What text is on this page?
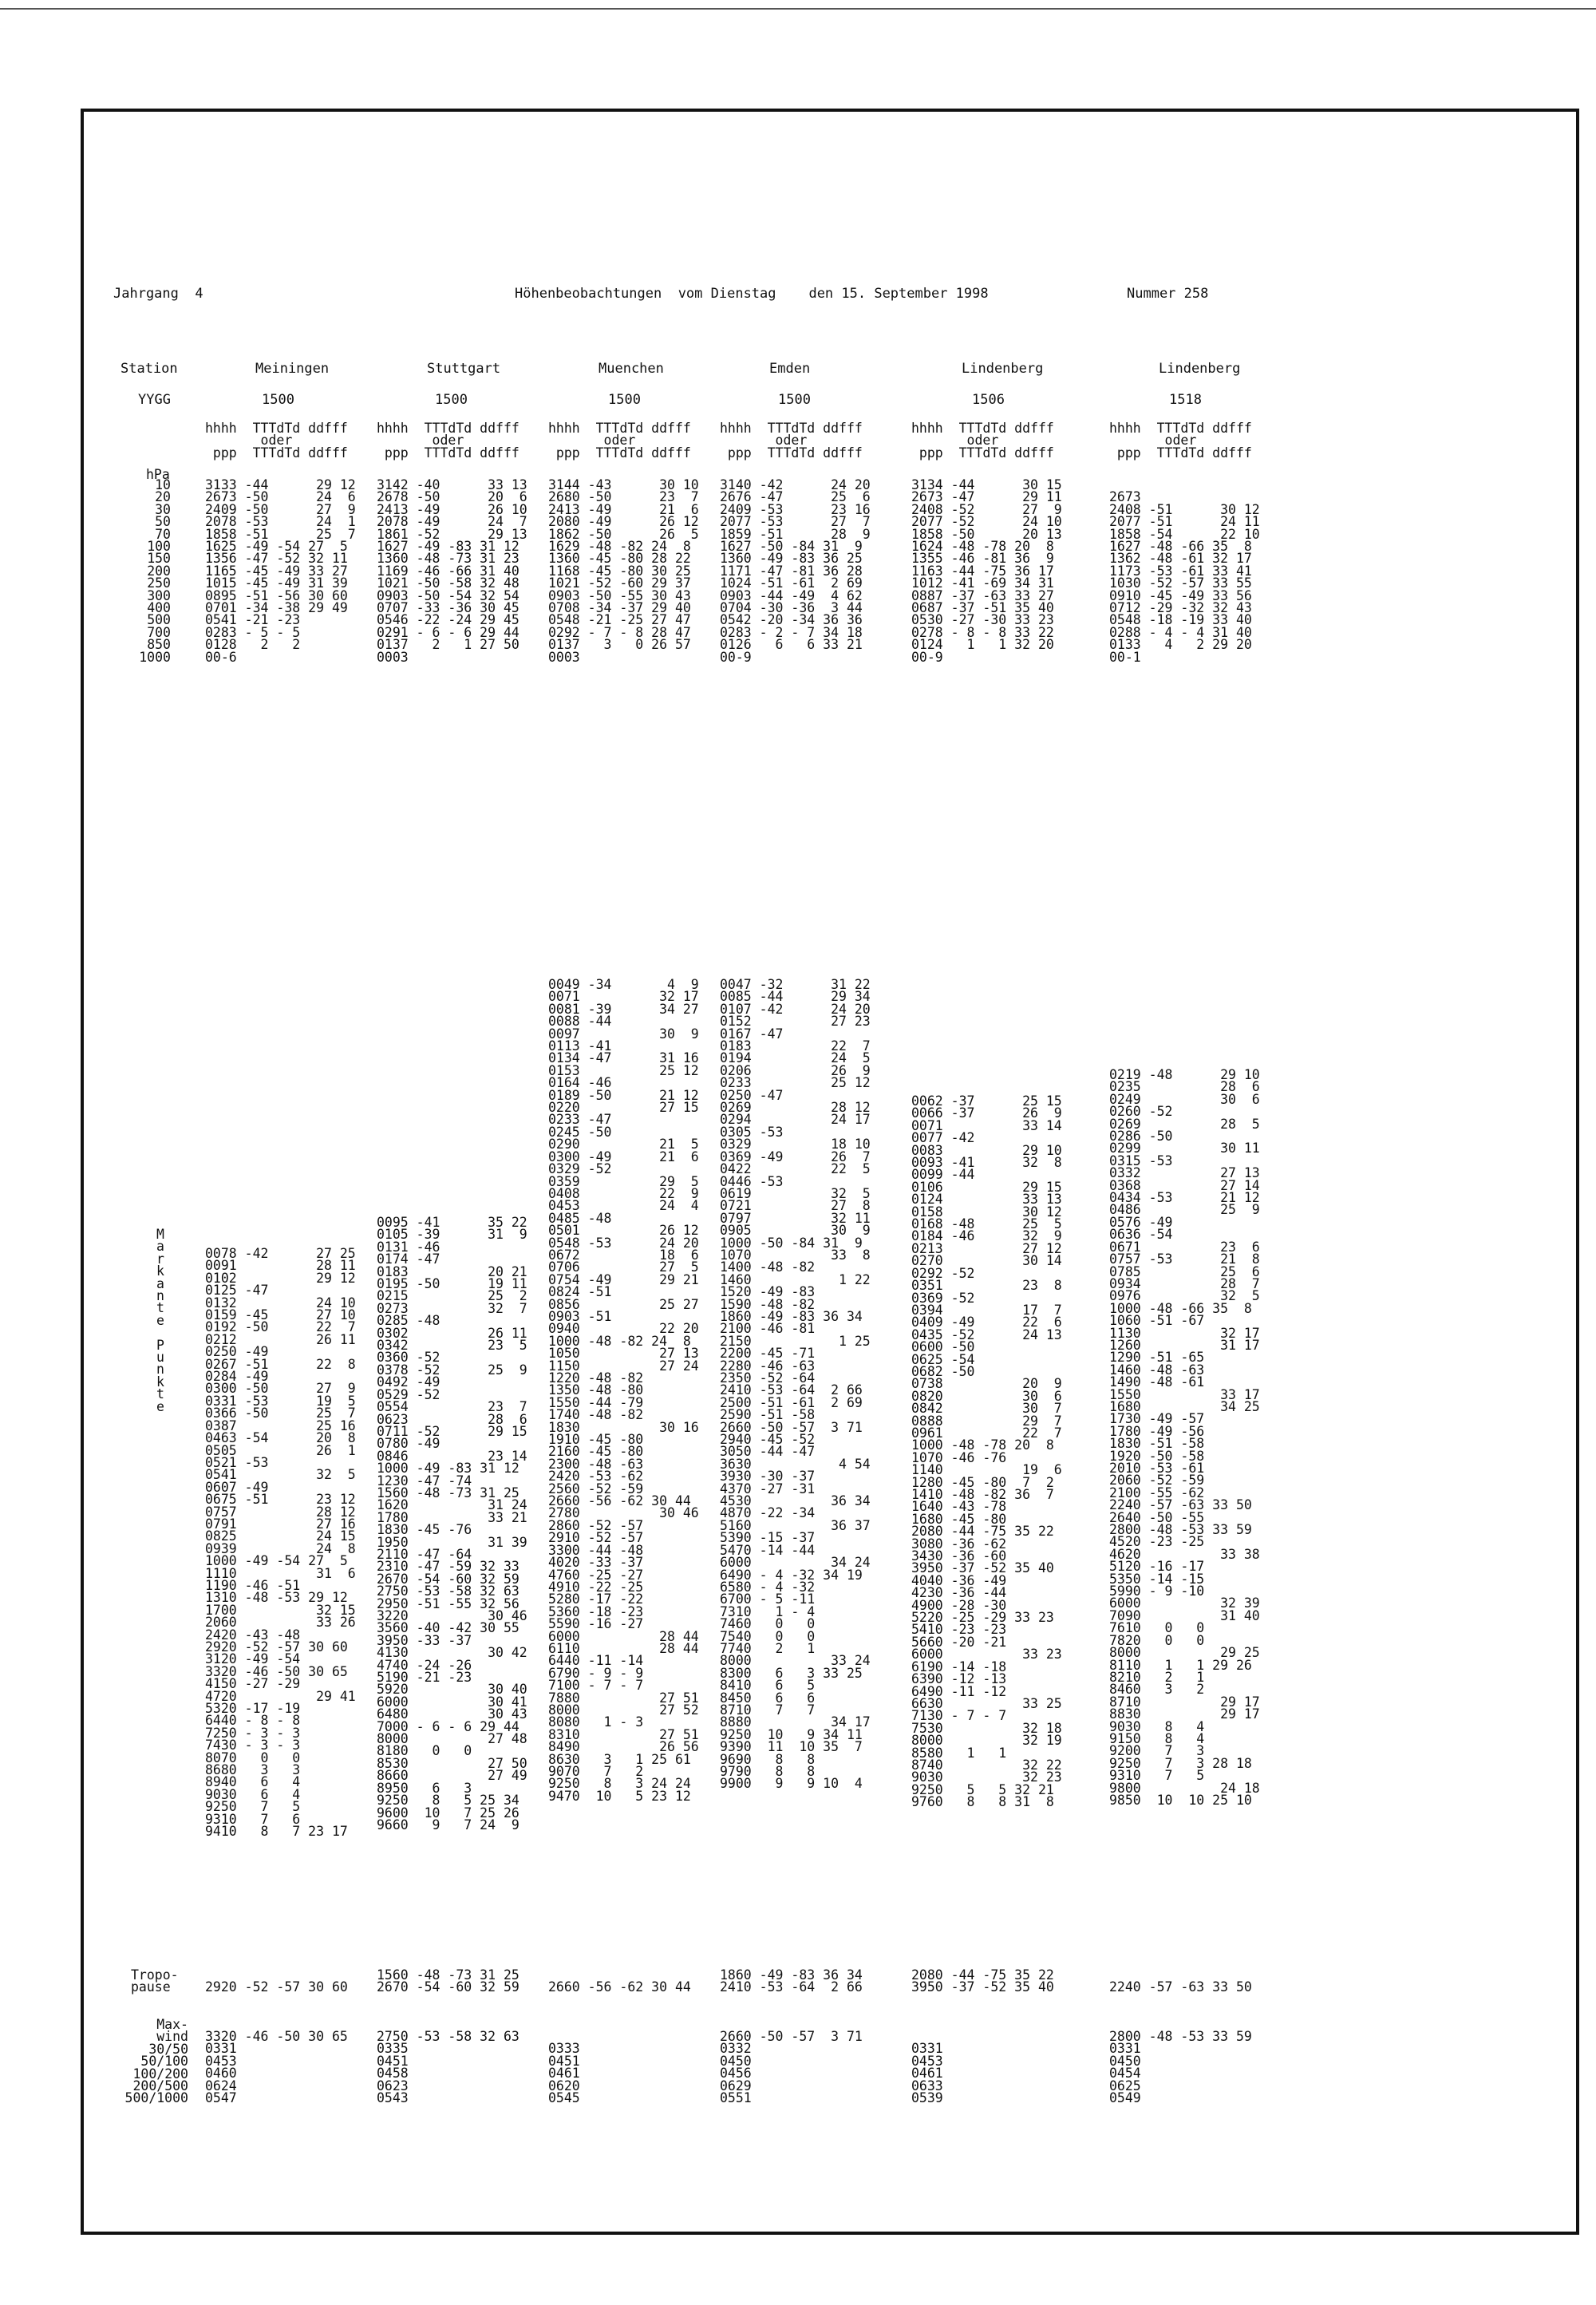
Jahrgang  4	Höhenbeobachtungen  vom Dienstag    den 15. September 1998	Nummer 258
Station
YYGG
hPa
10
20
30
50
70
100
150
200
250
300
400
500
700
850
1000
M
a
r
k
a
n
t
e

P
u
n
k
t
e
Tropo-
pause
Max-
wind
30/50
50/100
100/200
200/500
500/1000
Meiningen
1500
hhhh  TTTdTd ddfff
oder
ppp  TTTdTd ddfff
3133 -44      29 12
2673 -50      24  6
2409 -50      27  9
2078 -53      24  1
1858 -51      25  7
1625 -49 -54 27  5
1356 -47 -52 32 11
1165 -45 -49 33 27
1015 -45 -49 31 39
0895 -51 -56 30 60
0701 -34 -38 29 49
0541 -21 -23
0283 - 5 - 5
0128   2   2
00-6
0078 -42      27 25
0091          28 11
0102          29 12
0125 -47
0132          24 10
0159 -45      27 10
0192 -50      22  7
0212          26 11
0250 -49
0267 -51      22  8
0284 -49
0300 -50      27  9
0331 -53      19  5
0366 -50      25  7
0387          25 16
0463 -54      20  8
0505          26  1
0521 -53
0541          32  5
0607 -49
0675 -51      23 12
0757          28 12
0791          27 16
0825          24 15
0939          24  8
1000 -49 -54 27  5
1110          31  6
1190 -46 -51
1310 -48 -53 29 12
1700          32 15
2060          33 26
2420 -43 -48
2920 -52 -57 30 60
3120 -49 -54
3320 -46 -50 30 65
4150 -27 -29
4720          29 41
5320 -17 -19
6440 - 8 - 8
7250 - 3 - 3
7430 - 3 - 3
8070   0   0
8680   3   3
8940   6   4
9030   6   4
9250   7   5
9310   7   6
9410   8   7 23 17
2920 -52 -57 30 60
3320 -46 -50 30 65
0331
0453
0460
0624
0547
Stuttgart
1500
hhhh  TTTdTd ddfff
oder
ppp  TTTdTd ddfff
3142 -40      33 13
2678 -50      20  6
2413 -49      26 10
2078 -49      24  7
1861 -52      29 13
1627 -49 -83 31 12
1360 -48 -73 31 23
1169 -46 -66 31 40
1021 -50 -58 32 48
0903 -50 -54 32 54
0707 -33 -36 30 45
0546 -22 -24 29 45
0291 - 6 - 6 29 44
0137   2   1 27 50
0003
0095 -41      35 22
0105 -39      31  9
0131 -46
0174 -47
0183          20 21
0195 -50      19 11
0215          25  2
0273          32  7
0285 -48
0302          26 11
0342          23  5
0360 -52
0378 -52      25  9
0492 -49
0529 -52
0554          23  7
0623          28  6
0711 -52      29 15
0780 -49
0846          23 14
1000 -49 -83 31 12
1230 -47 -74
1560 -48 -73 31 25
1620          31 24
1780          33 21
1830 -45 -76
1950          31 39
2110 -47 -64
2310 -47 -59 32 33
2670 -54 -60 32 59
2750 -53 -58 32 63
2950 -51 -55 32 56
3220          30 46
3560 -40 -42 30 55
3950 -33 -37
4130          30 42
4740 -24 -26
5190 -21 -23
5920          30 40
6000          30 41
6480          30 43
7000 - 6 - 6 29 44
8000          27 48
8180   0   0
8530          27 50
8660          27 49
8950   6   3
9250   8   5 25 34
9600  10   7 25 26
9660   9   7 24  9
1560 -48 -73 31 25
2670 -54 -60 32 59
2750 -53 -58 32 63
0335
0451
0458
0623
0543
Muenchen
1500
hhhh  TTTdTd ddfff
oder
ppp  TTTdTd ddfff
3144 -43      30 10
2680 -50      23  7
2413 -49      21  6
2080 -49      26 12
1862 -50      26  5
1629 -48 -82 24  8
1360 -45 -80 28 22
1168 -45 -80 30 25
1021 -52 -60 29 37
0903 -50 -55 30 43
0708 -34 -37 29 40
0548 -21 -25 27 47
0292 - 7 - 8 28 47
0137   3   0 26 57
0003
0049 -34       4  9
0071          32 17
0081 -39      34 27
0088 -44
0097          30  9
0113 -41
0134 -47      31 16
0153          25 12
0164 -46
0189 -50      21 12
0220          27 15
0233 -47
0245 -50
0290          21  5
0300 -49      21  6
0329 -52
0359          29  5
0408          22  9
0453          24  4
0485 -48
0501          26 12
0548 -53      24 20
0672          18  6
0706          27  5
0754 -49      29 21
0824 -51
0856          25 27
0903 -51
0940          22 20
1000 -48 -82 24  8
1050          27 13
1150          27 24
1220 -48 -82
1350 -48 -80
1550 -44 -79
1740 -48 -82
1830          30 16
1910 -45 -80
2160 -45 -80
2300 -48 -63
2420 -53 -62
2560 -52 -59
2660 -56 -62 30 44
2780          30 46
2860 -52 -57
2910 -52 -57
3300 -44 -48
4020 -33 -37
4760 -25 -27
4910 -22 -25
5280 -17 -22
5360 -18 -23
5590 -16 -27
6000          28 44
6110          28 44
6440 -11 -14
6790 - 9 - 9
7100 - 7 - 7
7880          27 51
8000          27 52
8080   1 - 3
8310          27 51
8490          26 56
8630   3   1 25 61
9070   7   2
9250   8   3 24 24
9470  10   5 23 12

2660 -56 -62 30 44

0333
0451
0461
0620
0545
Emden
1500
hhhh  TTTdTd ddfff
oder
ppp  TTTdTd ddfff
3140 -42      24 20
2676 -47      25  6
2409 -53      23 16
2077 -53      27  7
1859 -51      28  9
1627 -50 -84 31  9
1360 -49 -83 36 25
1171 -47 -81 36 28
1024 -51 -61  2 69
0903 -44 -49  4 62
0704 -30 -36  3 44
0542 -20 -34 36 36
0283 - 2 - 7 34 18
0126   6   6 33 21
00-9
0047 -32      31 22
0085 -44      29 34
0107 -42      24 20
0152          27 23
0167 -47
0183          22  7
0194          24  5
0206          26  9
0233          25 12
0250 -47
0269          28 12
0294          24 17
0305 -53
0329          18 10
0369 -49      26  7
0422          22  5
0446 -53
0619          32  5
0721          27  8
0797          32 11
0905          30  9
1000 -50 -84 31  9
1070          33  8
1400 -48 -82
1460           1 22
1520 -49 -83
1590 -48 -82
1860 -49 -83 36 34
2100 -46 -81
2150           1 25
2200 -45 -71
2280 -46 -63
2350 -52 -64
2410 -53 -64  2 66
2500 -51 -61  2 69
2590 -51 -58
2660 -50 -57  3 71
2940 -45 -52
3050 -44 -47
3630           4 54
3930 -30 -37
4370 -27 -31
4530          36 34
4870 -22 -34
5160          36 37
5390 -15 -37
5470 -14 -44
6000          34 24
6490 - 4 -32 34 19
6580 - 4 -32
6700 - 5 -11
7310   1 - 4
7460   0   0
7540   0   0
7740   2   1
8000          33 24
8300   6   3 33 25
8410   6   5
8450   6   6
8710   7   7
8880          34 17
9250  10   9 34 11
9390  11  10 35  7
9690   8   8
9790   8   8
9900   9   9 10  4
1860 -49 -83 36 34
2410 -53 -64  2 66
2660 -50 -57  3 71
0332
0450
0456
0629
0551
Lindenberg
1506
hhhh  TTTdTd ddfff
oder
ppp  TTTdTd ddfff
3134 -44      30 15
2673 -47      29 11
2408 -52      27  9
2077 -52      24 10
1858 -50      20 13
1624 -48 -78 20  8
1355 -46 -81 36  9
1163 -44 -75 36 17
1012 -41 -69 34 31
0887 -37 -63 33 27
0687 -37 -51 35 40
0530 -27 -30 33 23
0278 - 8 - 8 33 22
0124   1   1 32 20
00-9
0062 -37      25 15
0066 -37      26  9
0071          33 14
0077 -42
0083          29 10
0093 -41      32  8
0099 -44
0106          29 15
0124          33 13
0158          30 12
0168 -48      25  5
0184 -46      32  9
0213          27 12
0270          30 14
0292 -52
0351          23  8
0369 -52
0394          17  7
0409 -49      22  6
0435 -52      24 13
0600 -50
0625 -54
0682 -50
0738          20  9
0820          30  6
0842          30  7
0888          29  7
0961          22  7
1000 -48 -78 20  8
1070 -46 -76
1140          19  6
1280 -45 -80  7  2
1410 -48 -82 36  7
1640 -43 -78
1680 -45 -80
2080 -44 -75 35 22
3080 -36 -62
3430 -36 -60
3950 -37 -52 35 40
4040 -36 -49
4230 -36 -44
4900 -28 -30
5220 -25 -29 33 23
5410 -23 -23
5660 -20 -21
6000          33 23
6190 -14 -18
6390 -12 -13
6490 -11 -12
6630          33 25
7130 - 7 - 7
7530          32 18
8000          32 19
8580   1   1
8740          32 22
9030          32 23
9250   5   5 32 21
9760   8   8 31  8
2080 -44 -75 35 22
3950 -37 -52 35 40

0331
0453
0461
0633
0539
Lindenberg
1518
hhhh  TTTdTd ddfff
oder
ppp  TTTdTd ddfff

2673
2408 -51      30 12
2077 -51      24 11
1858 -54      22 10
1627 -48 -66 35  8
1362 -48 -61 32 17
1173 -53 -61 33 41
1030 -52 -57 33 55
0910 -45 -49 33 56
0712 -29 -32 32 43
0548 -18 -19 33 40
0288 - 4 - 4 31 40
0133   4   2 29 20
00-1
0219 -48      29 10
0235          28  6
0249          30  6
0260 -52
0269          28  5
0286 -50
0299          30 11
0315 -53
0332          27 13
0368          27 14
0434 -53      21 12
0486          25  9
0576 -49
0636 -54
0671          23  6
0757 -53      21  8
0785          25  6
0934          28  7
0976          32  5
1000 -48 -66 35  8
1060 -51 -67
1130          32 17
1260          31 17
1290 -51 -65
1460 -48 -63
1490 -48 -61
1550          33 17
1680          34 25
1730 -49 -57
1780 -49 -56
1830 -51 -58
1920 -50 -58
2010 -53 -61
2060 -52 -59
2100 -55 -62
2240 -57 -63 33 50
2640 -50 -55
2800 -48 -53 33 59
4520 -23 -25
4620          33 38
5120 -16 -17
5350 -14 -15
5990 - 9 -10
6000          32 39
7090          31 40
7610   0   0
7820   0   0
8000          29 25
8110   1   1 29 26
8210   2   1
8460   3   2
8710          29 17
8830          29 17
9030   8   4
9150   8   4
9200   7   3
9250   7   3 28 18
9310   7   5
9800          24 18
9850  10  10 25 10

2240 -57 -63 33 50
2800 -48 -53 33 59
0331
0450
0454
0625
0549
